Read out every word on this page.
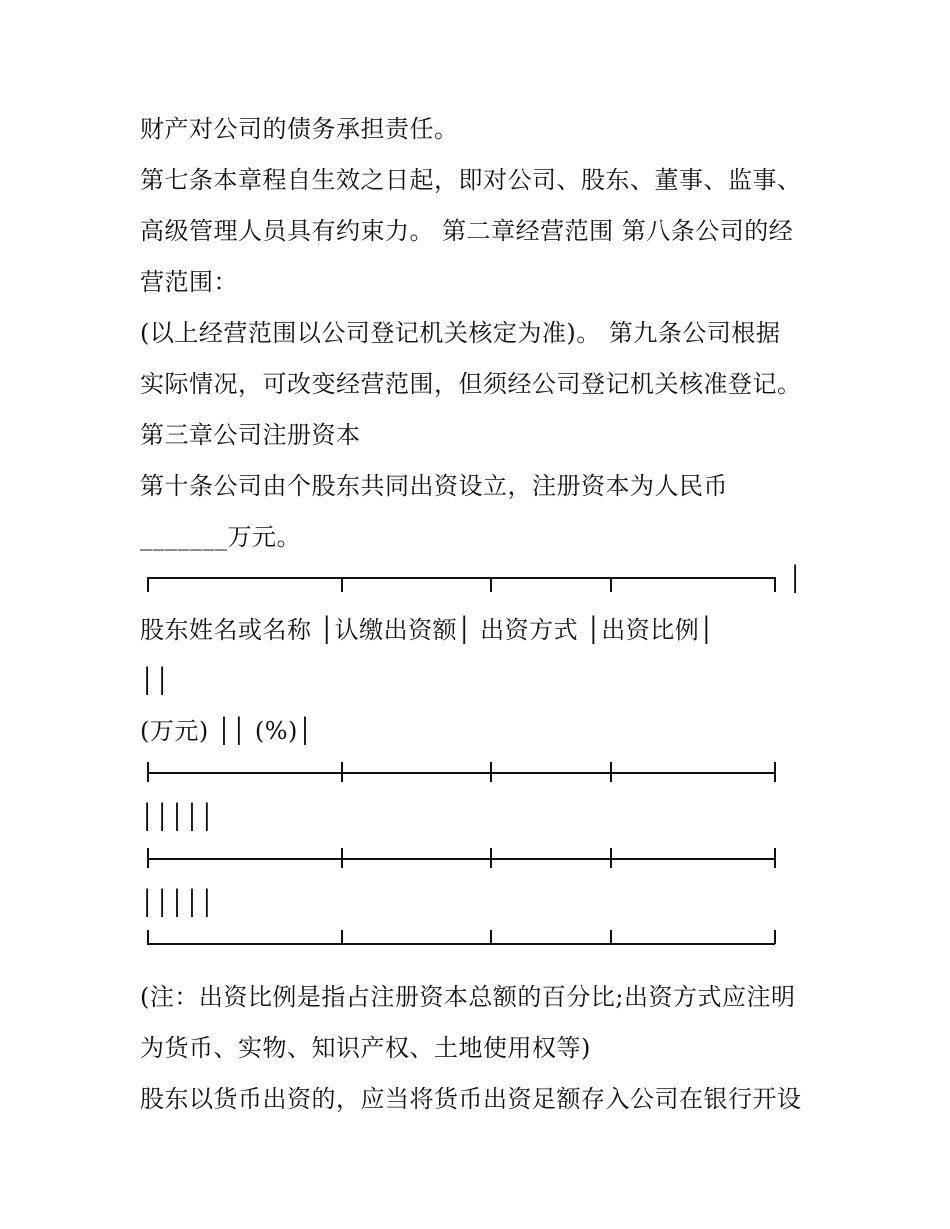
财产对公司的债务承担责任。
第七条本章程自生效之日起，即对公司、股东、董事、监事、
高级管理人员具有约束力。 第二章经营范围 第八条公司的经
营范围：
(以上经营范围以公司登记机关核定为准)。 第九条公司根据
实际情况，可改变经营范围，但须经公司登记机关核准登记。
第三章公司注册资本
第十条公司由个股东共同出资设立，注册资本为人民币
_______万元。
│
股东姓名或名称 │认缴出资额│ 出资方式 │出资比例│
││
(万元) ││ (%)│
│││││
│││││
(注：出资比例是指占注册资本总额的百分比;出资方式应注明
为货币、实物、知识产权、土地使用权等)
股东以货币出资的，应当将货币出资足额存入公司在银行开设
